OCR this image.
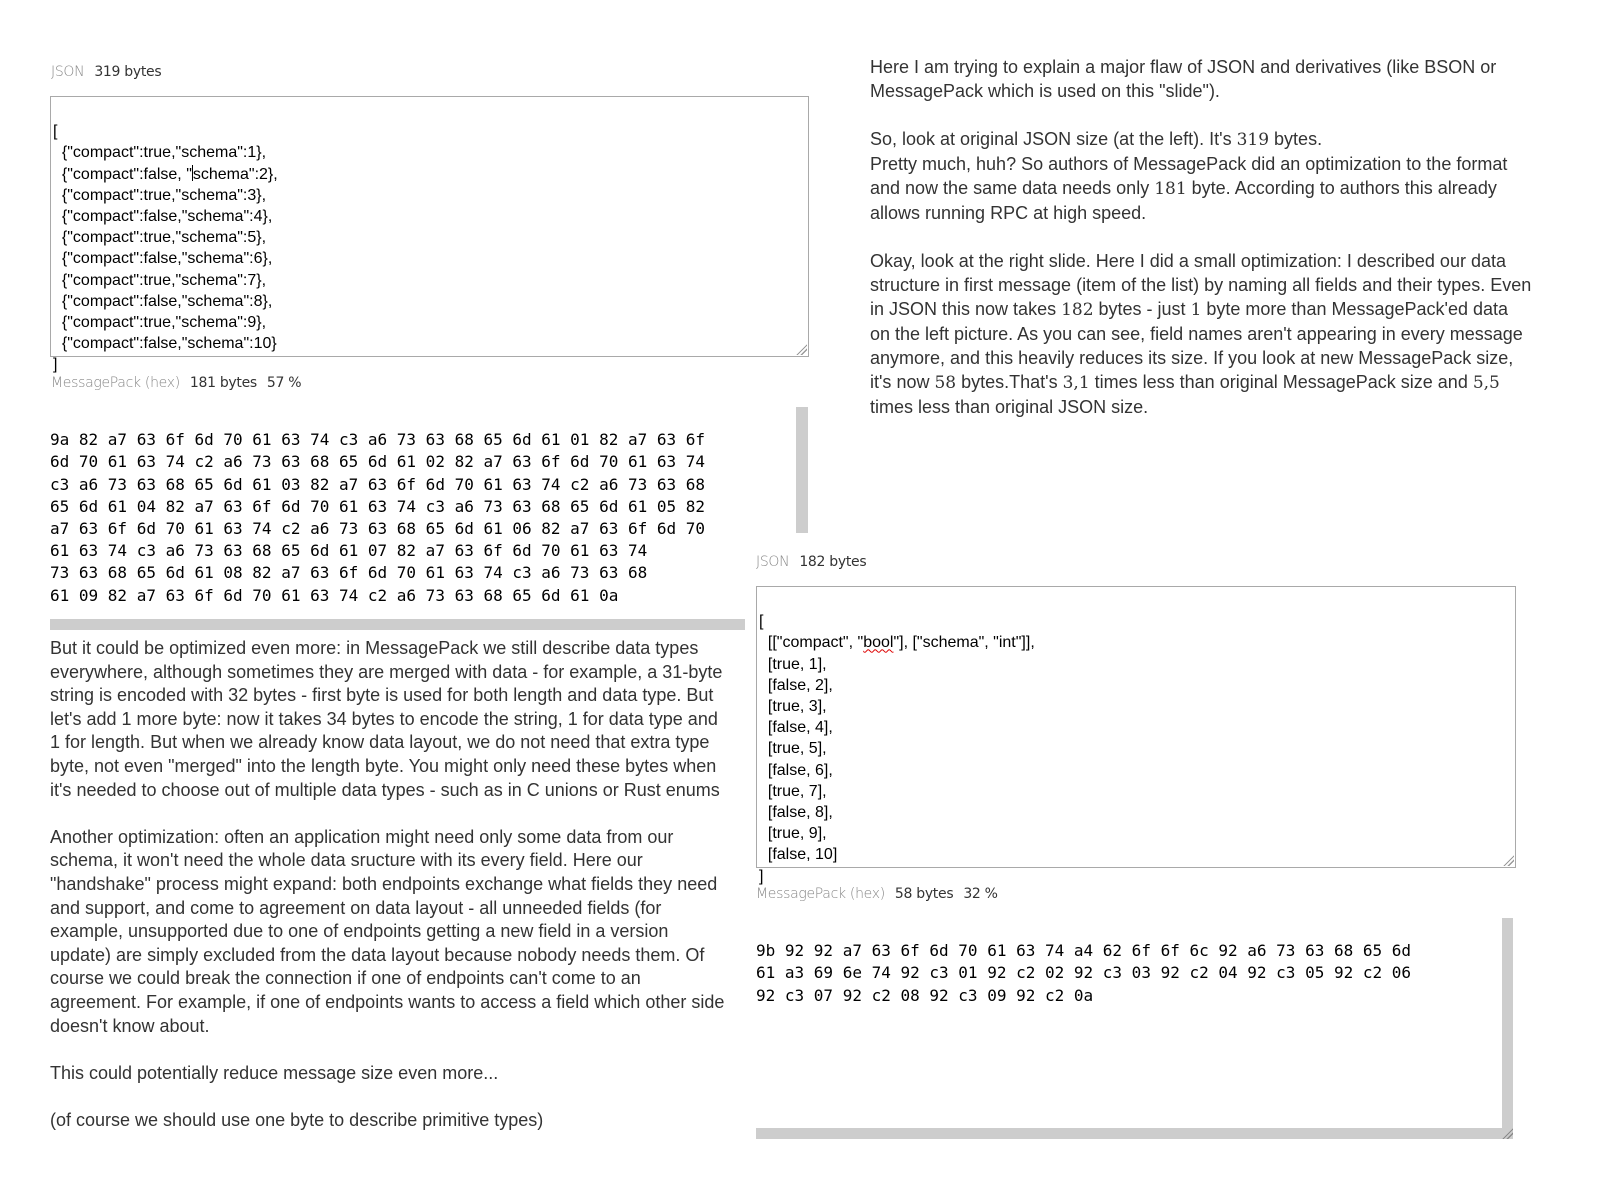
JSON 319 bytes

[
{"compact":true,"schema":1},
{"compact":false, "schema":2},
{"compact":true,"schema":3},
{"compact":false,"schema":4},
{"compact":true,"schema":5},
{"compact":false,"schema":6},
{"compact":true,"schema":7},
{"compact":false,"schema":8},
{"compact":true,"schema":9},
{"compact":false,"schema":10}
]

MessagePack (hex) 181 bytes 57 %

9a 82 a7 63 6f 6d 70 61 63 74 c3 a6 73 63 68 65 6d 61 01 82 a7 63 6f
6d 70 61 63 74 c2 a6 73 63 68 65 6d 61 02 82 a7 63 6f 6d 70 61 63 74
c3 a6 73 63 68 65 6d 61 03 82 a7 63 6f 6d 70 61 63 74 c2 a6 73 63 68
65 6d 61 04 82 a7 63 6f 6d 70 61 63 74 c3 a6 73 63 68 65 6d 61 05 82
a7 63 6f 6d 70 61 63 74 c2 a6 73 63 68 65 6d 61 06 82 a7 63 6f 6d 70
61 63 74 c3 a6 73 63 68 65 6d 61 07 82 a7 63 6f 6d 70 61 63 74
73 63 68 65 6d 61 08 82 a7 63 6f 6d 70 61 63 74 c3 a6 73 63 68
61 09 82 a7 63 6f 6d 70 61 63 74 c2 a6 73 63 68 65 6d 61 0a

Here I am trying to explain a major flaw of JSON and derivatives (like BSON or MessagePack which is used on this "slide").

So, look at original JSON size (at the left). It's 319 bytes.
Pretty much, huh? So authors of MessagePack did an optimization to the format and now the same data needs only 181 byte. According to authors this already allows running RPC at high speed.

Okay, look at the right slide. Here I did a small optimization: I described our data structure in first message (item of the list) by naming all fields and their types. Even in JSON this now takes 182 bytes - just 1 byte more than MessagePack'ed data on the left picture. As you can see, field names aren't appearing in every message anymore, and this heavily reduces its size. If you look at new MessagePack size, it's now 58 bytes.That's 3,1 times less than original MessagePack size and 5,5 times less than original JSON size.

JSON 182 bytes

[
[["compact", "bool"], ["schema", "int"]],
[true, 1],
[false, 2],
[true, 3],
[false, 4],
[true, 5],
[false, 6],
[true, 7],
[false, 8],
[true, 9],
[false, 10]
]

MessagePack (hex) 58 bytes 32 %

9b 92 92 a7 63 6f 6d 70 61 63 74 a4 62 6f 6f 6c 92 a6 73 63 68 65 6d
61 a3 69 6e 74 92 c3 01 92 c2 02 92 c3 03 92 c2 04 92 c3 05 92 c2 06
92 c3 07 92 c2 08 92 c3 09 92 c2 0a

But it could be optimized even more: in MessagePack we still describe data types everywhere, although sometimes they are merged with data - for example, a 31-byte string is encoded with 32 bytes - first byte is used for both length and data type. But let's add 1 more byte: now it takes 34 bytes to encode the string, 1 for data type and 1 for length. But when we already know data layout, we do not need that extra type byte, not even "merged" into the length byte. You might only need these bytes when it's needed to choose out of multiple data types - such as in C unions or Rust enums

Another optimization: often an application might need only some data from our schema, it won't need the whole data sructure with its every field. Here our "handshake" process might expand: both endpoints exchange what fields they need and support, and come to agreement on data layout - all unneeded fields (for example, unsupported due to one of endpoints getting a new field in a version update) are simply excluded from the data layout because nobody needs them. Of course we could break the connection if one of endpoints can't come to an agreement. For example, if one of endpoints wants to access a field which other side doesn't know about.

This could potentially reduce message size even more...

(of course we should use one byte to describe primitive types)
